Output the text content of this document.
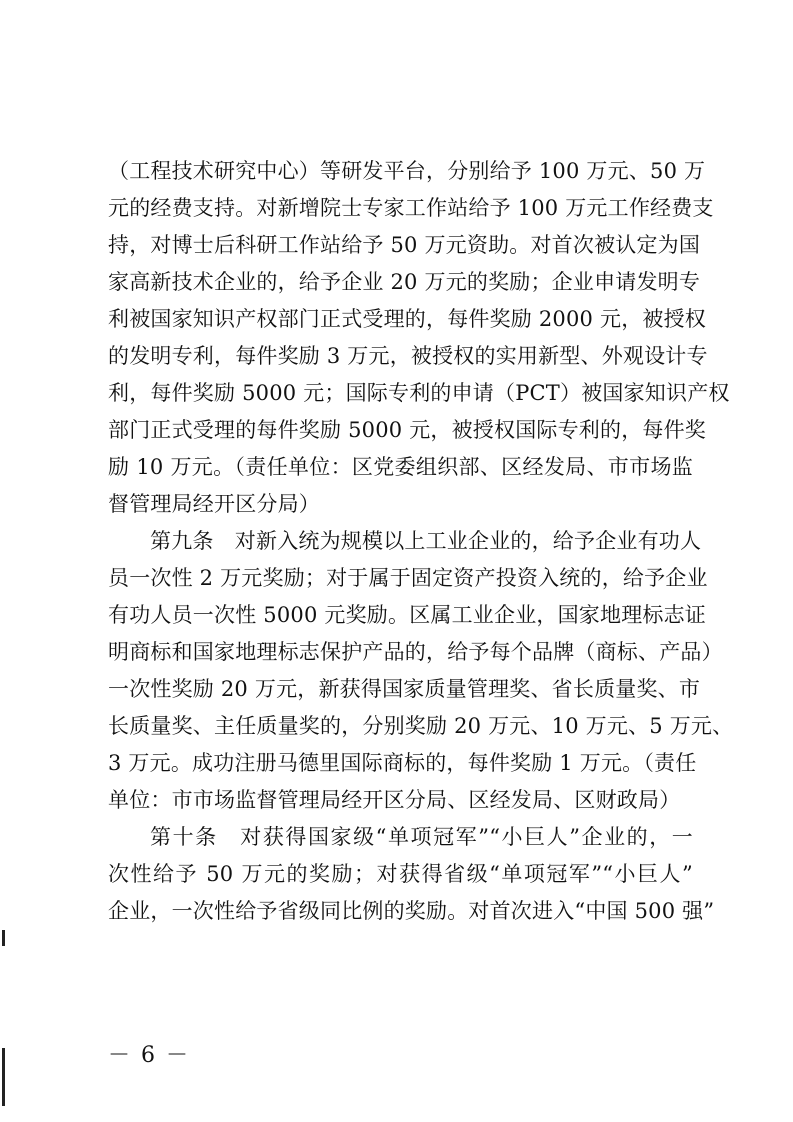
（工程技术研究中心）等研发平台，分别给予 100 万元、50 万
元的经费支持。对新增院士专家工作站给予 100 万元工作经费支
持，对博士后科研工作站给予 50 万元资助。对首次被认定为国
家高新技术企业的，给予企业 20 万元的奖励；企业申请发明专
利被国家知识产权部门正式受理的，每件奖励 2000 元，被授权
的发明专利，每件奖励 3 万元，被授权的实用新型、外观设计专
利，每件奖励 5000 元；国际专利的申请（PCT）被国家知识产权
部门正式受理的每件奖励 5000 元，被授权国际专利的，每件奖
励 10 万元。（责任单位：区党委组织部、区经发局、市市场监
督管理局经开区分局）

第九条　对新入统为规模以上工业企业的，给予企业有功人
员一次性 2 万元奖励；对于属于固定资产投资入统的，给予企业
有功人员一次性 5000 元奖励。区属工业企业，国家地理标志证
明商标和国家地理标志保护产品的，给予每个品牌（商标、产品）
一次性奖励 20 万元，新获得国家质量管理奖、省长质量奖、市
长质量奖、主任质量奖的，分别奖励 20 万元、10 万元、5 万元、
3 万元。成功注册马德里国际商标的，每件奖励 1 万元。（责任
单位：市市场监督管理局经开区分局、区经发局、区财政局）

第十条　对获得国家级“单项冠军”“小巨人”企业的，一
次性给予 50 万元的奖励；对获得省级“单项冠军”“小巨人”
企业，一次性给予省级同比例的奖励。对首次进入“中国 500 强”

－ 6 －
